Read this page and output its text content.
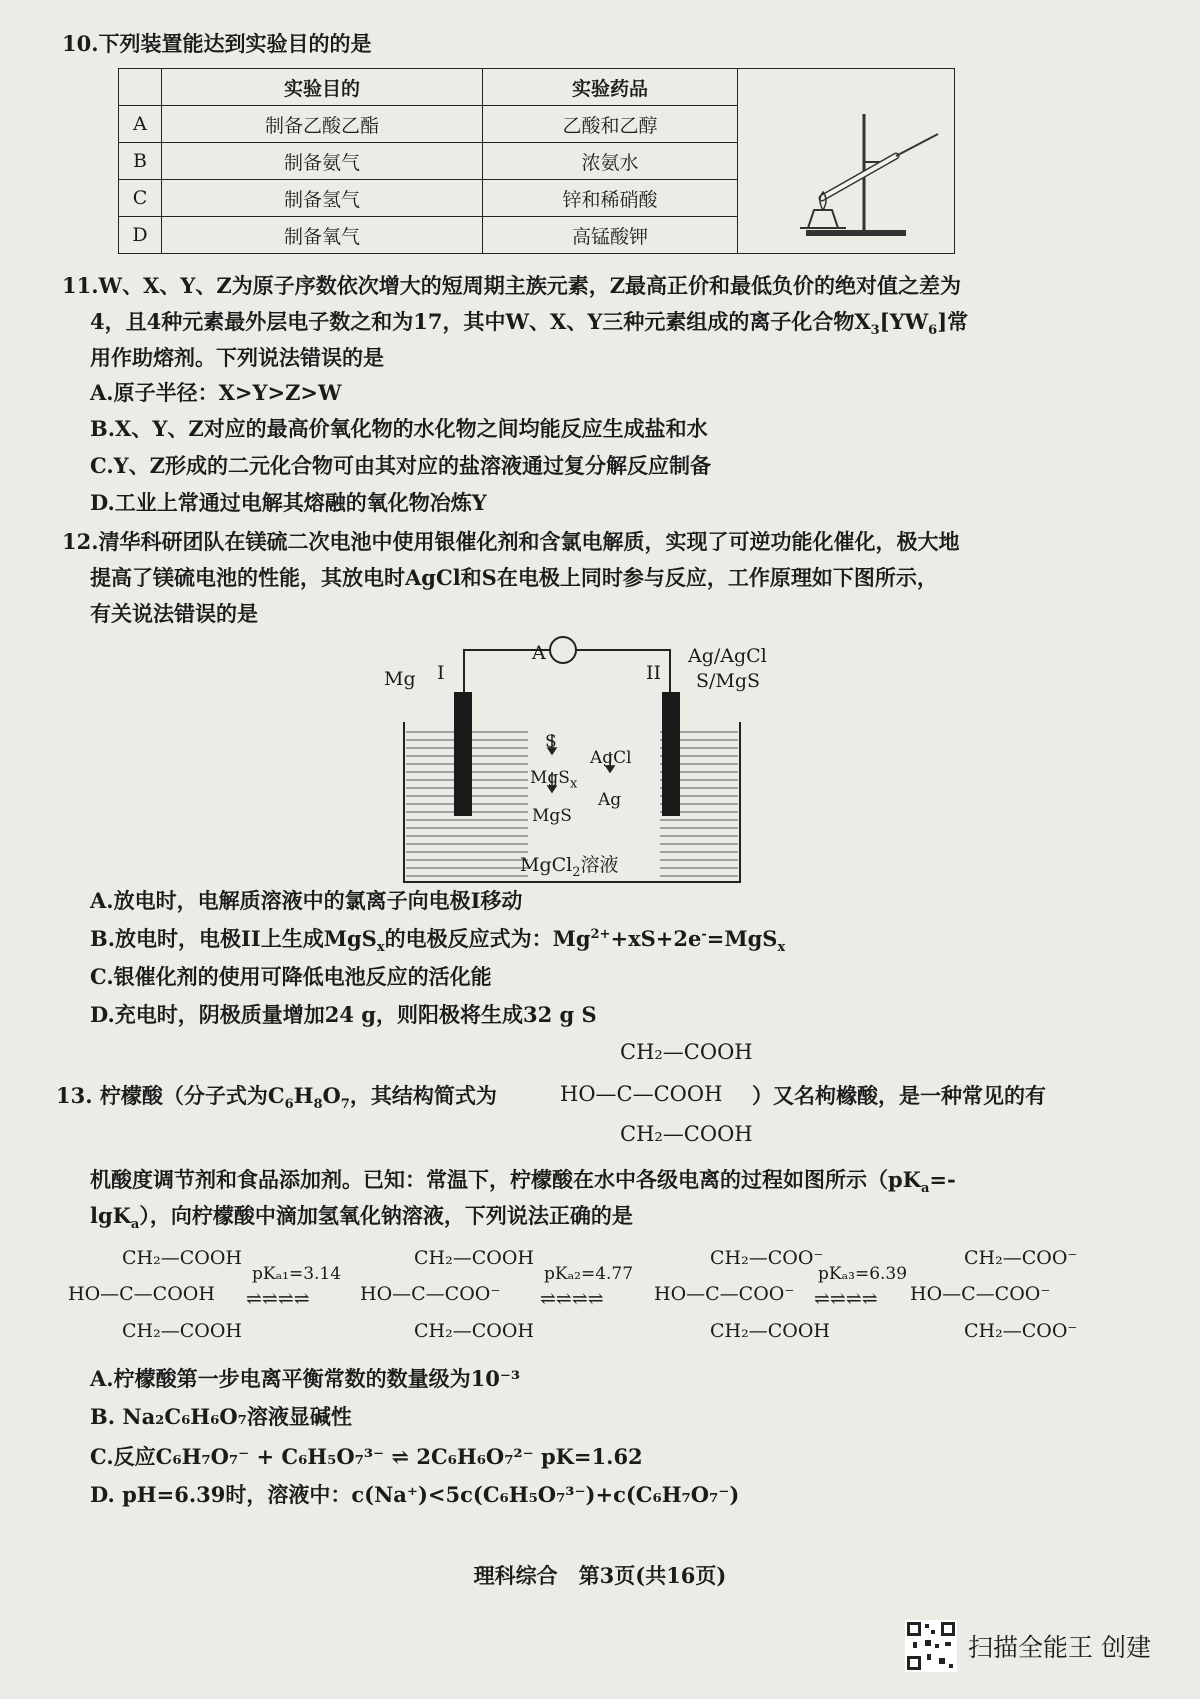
10.下列装置能达到实验目的的是
	实验目的	实验药品	
A	制备乙酸乙酯	乙酸和乙醇	
B	制备氨气	浓氨水	
C	制备氢气	锌和稀硝酸	
D	制备氧气	高锰酸钾	
11.W、X、Y、Z为原子序数依次增大的短周期主族元素，Z最高正价和最低负价的绝对值之差为
4，且4种元素最外层电子数之和为17，其中W、X、Y三种元素组成的离子化合物$X_3[YW_6]$常
用作助熔剂。下列说法错误的是
A.原子半径：X>Y>Z>W
B.X、Y、Z对应的最高价氧化物的水化物之间均能反应生成盐和水
C.Y、Z形成的二元化合物可由其对应的盐溶液通过复分解反应制备
D.工业上常通过电解其熔融的氧化物冶炼Y
12.清华科研团队在镁硫二次电池中使用银催化剂和含氯电解质，实现了可逆功能化催化，极大地
提高了镁硫电池的性能，其放电时AgCl和S在电极上同时参与反应，工作原理如下图所示，
有关说法错误的是
A
Mg I	II
Ag/AgCl
S/MgS
S
MgS$_x$
MgS
AgCl
Ag
MgCl$_2$溶液
A.放电时，电解质溶液中的氯离子向电极I移动
B.放电时，电极II上生成MgS$_x$的电极反应式为：$Mg^{2+}+xS+2e^-=MgS_x$
C.银催化剂的使用可降低电池反应的活化能
D.充电时，阴极质量增加24 g，则阳极将生成32 g S
CH₂—COOH
13. 柠檬酸（分子式为$C_6H_8O_7$，其结构简式为	HO—C—COOH ）又名枸橼酸，是一种常见的有
CH₂—COOH
机酸度调节剂和食品添加剂。已知：常温下，柠檬酸在水中各级电离的过程如图所示（$pK_a=-$
lgK$_a$），向柠檬酸中滴加氢氧化钠溶液，下列说法正确的是
CH₂—COOH
HO—C—COOH
CH₂—COOH
pKₐ₁=3.14
⇌⇌⇌⇌
CH₂—COOH
HO—C—COO⁻
CH₂—COOH
pKₐ₂=4.77
⇌⇌⇌⇌
CH₂—COO⁻
HO—C—COO⁻
CH₂—COOH
pKₐ₃=6.39
⇌⇌⇌⇌
CH₂—COO⁻
HO—C—COO⁻
CH₂—COO⁻
A.柠檬酸第一步电离平衡常数的数量级为10⁻³
B. Na₂C₆H₆O₇溶液显碱性
C.反应C₆H₇O₇⁻ + C₆H₅O₇³⁻ ⇌ 2C₆H₆O₇²⁻ pK=1.62
D. pH=6.39时，溶液中：c(Na⁺)<5c(C₆H₅O₇³⁻)+c(C₆H₇O₇⁻)
理科综合　第3页(共16页)
扫描全能王 创建
